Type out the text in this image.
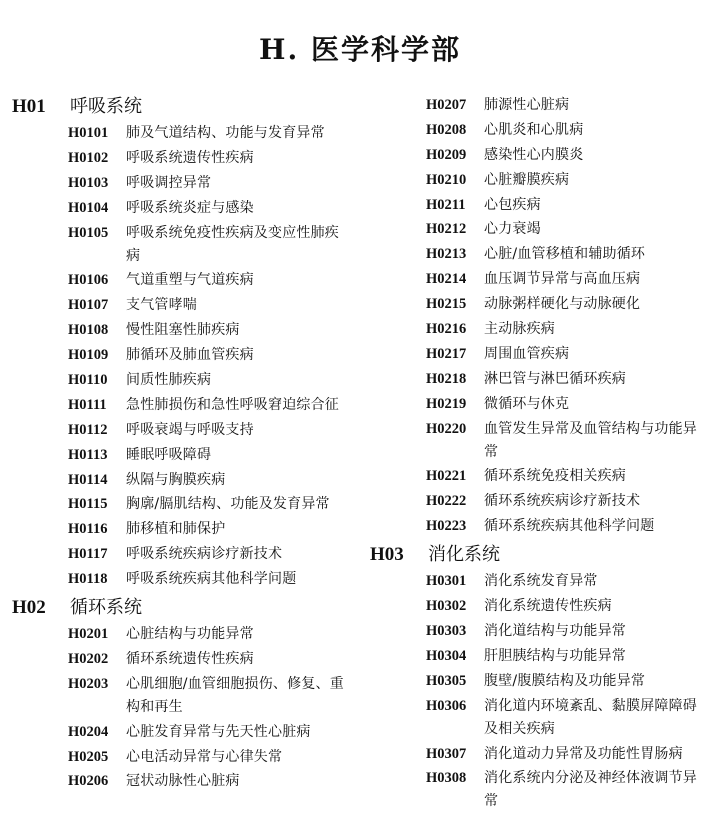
H. 医学科学部
H01	呼吸系统
H0101	肺及气道结构、功能与发育异常
H0102	呼吸系统遗传性疾病
H0103	呼吸调控异常
H0104	呼吸系统炎症与感染
H0105	呼吸系统免疫性疾病及变应性肺疾病
H0106	气道重塑与气道疾病
H0107	支气管哮喘
H0108	慢性阻塞性肺疾病
H0109	肺循环及肺血管疾病
H0110	间质性肺疾病
H0111	急性肺损伤和急性呼吸窘迫综合征
H0112	呼吸衰竭与呼吸支持
H0113	睡眠呼吸障碍
H0114	纵隔与胸膜疾病
H0115	胸廓/膈肌结构、功能及发育异常
H0116	肺移植和肺保护
H0117	呼吸系统疾病诊疗新技术
H0118	呼吸系统疾病其他科学问题
H02	循环系统
H0201	心脏结构与功能异常
H0202	循环系统遗传性疾病
H0203	心肌细胞/血管细胞损伤、修复、重构和再生
H0204	心脏发育异常与先天性心脏病
H0205	心电活动异常与心律失常
H0206	冠状动脉性心脏病
H0207	肺源性心脏病
H0208	心肌炎和心肌病
H0209	感染性心内膜炎
H0210	心脏瓣膜疾病
H0211	心包疾病
H0212	心力衰竭
H0213	心脏/血管移植和辅助循环
H0214	血压调节异常与高血压病
H0215	动脉粥样硬化与动脉硬化
H0216	主动脉疾病
H0217	周围血管疾病
H0218	淋巴管与淋巴循环疾病
H0219	微循环与休克
H0220	血管发生异常及血管结构与功能异常
H0221	循环系统免疫相关疾病
H0222	循环系统疾病诊疗新技术
H0223	循环系统疾病其他科学问题
H03	消化系统
H0301	消化系统发育异常
H0302	消化系统遗传性疾病
H0303	消化道结构与功能异常
H0304	肝胆胰结构与功能异常
H0305	腹壁/腹膜结构及功能异常
H0306	消化道内环境紊乱、黏膜屏障障碍及相关疾病
H0307	消化道动力异常及功能性胃肠病
H0308	消化系统内分泌及神经体液调节异常
